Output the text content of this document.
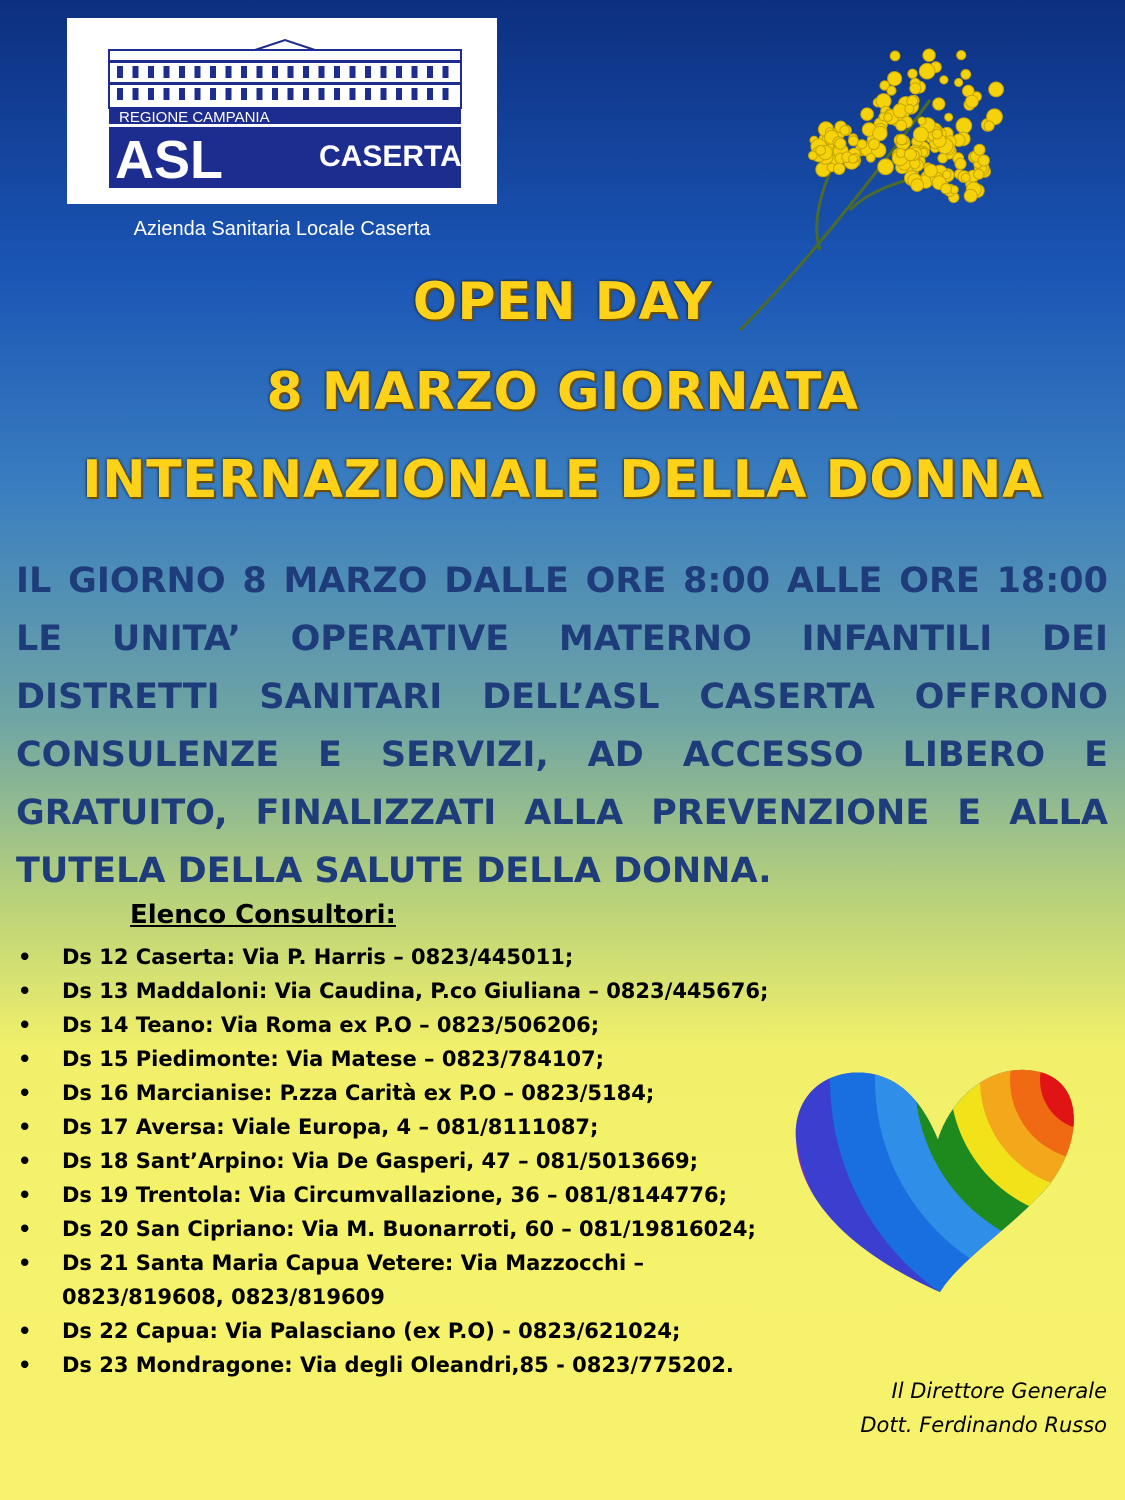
REGIONE CAMPANIA
ASL	CASERTA
Azienda Sanitaria Locale Caserta
OPEN DAY
8 MARZO GIORNATA
INTERNAZIONALE DELLA DONNA
IL GIORNO 8 MARZO DALLE ORE 8:00 ALLE ORE 18:00 LE UNITA’ OPERATIVE MATERNO INFANTILI DEI DISTRETTI SANITARI DELL’ASL CASERTA OFFRONO CONSULENZE E SERVIZI, AD ACCESSO LIBERO E GRATUITO, FINALIZZATI ALLA PREVENZIONE E ALLA TUTELA DELLA SALUTE DELLA DONNA.
Elenco Consultori:
• Ds 12 Caserta: Via P. Harris – 0823/445011;
• Ds 13 Maddaloni: Via Caudina, P.co Giuliana – 0823/445676;
• Ds 14 Teano: Via Roma ex P.O – 0823/506206;
• Ds 15 Piedimonte: Via Matese – 0823/784107;
• Ds 16 Marcianise: P.zza Carità ex P.O – 0823/5184;
• Ds 17 Aversa: Viale Europa, 4 – 081/8111087;
• Ds 18 Sant’Arpino: Via De Gasperi, 47 – 081/5013669;
• Ds 19 Trentola: Via Circumvallazione, 36 – 081/8144776;
• Ds 20 San Cipriano: Via M. Buonarroti, 60 – 081/19816024;
• Ds 21 Santa Maria Capua Vetere: Via Mazzocchi – 0823/819608, 0823/819609
• Ds 22 Capua: Via Palasciano (ex P.O) - 0823/621024;
• Ds 23 Mondragone: Via degli Oleandri,85 - 0823/775202.
Il Direttore Generale
Dott. Ferdinando Russo
